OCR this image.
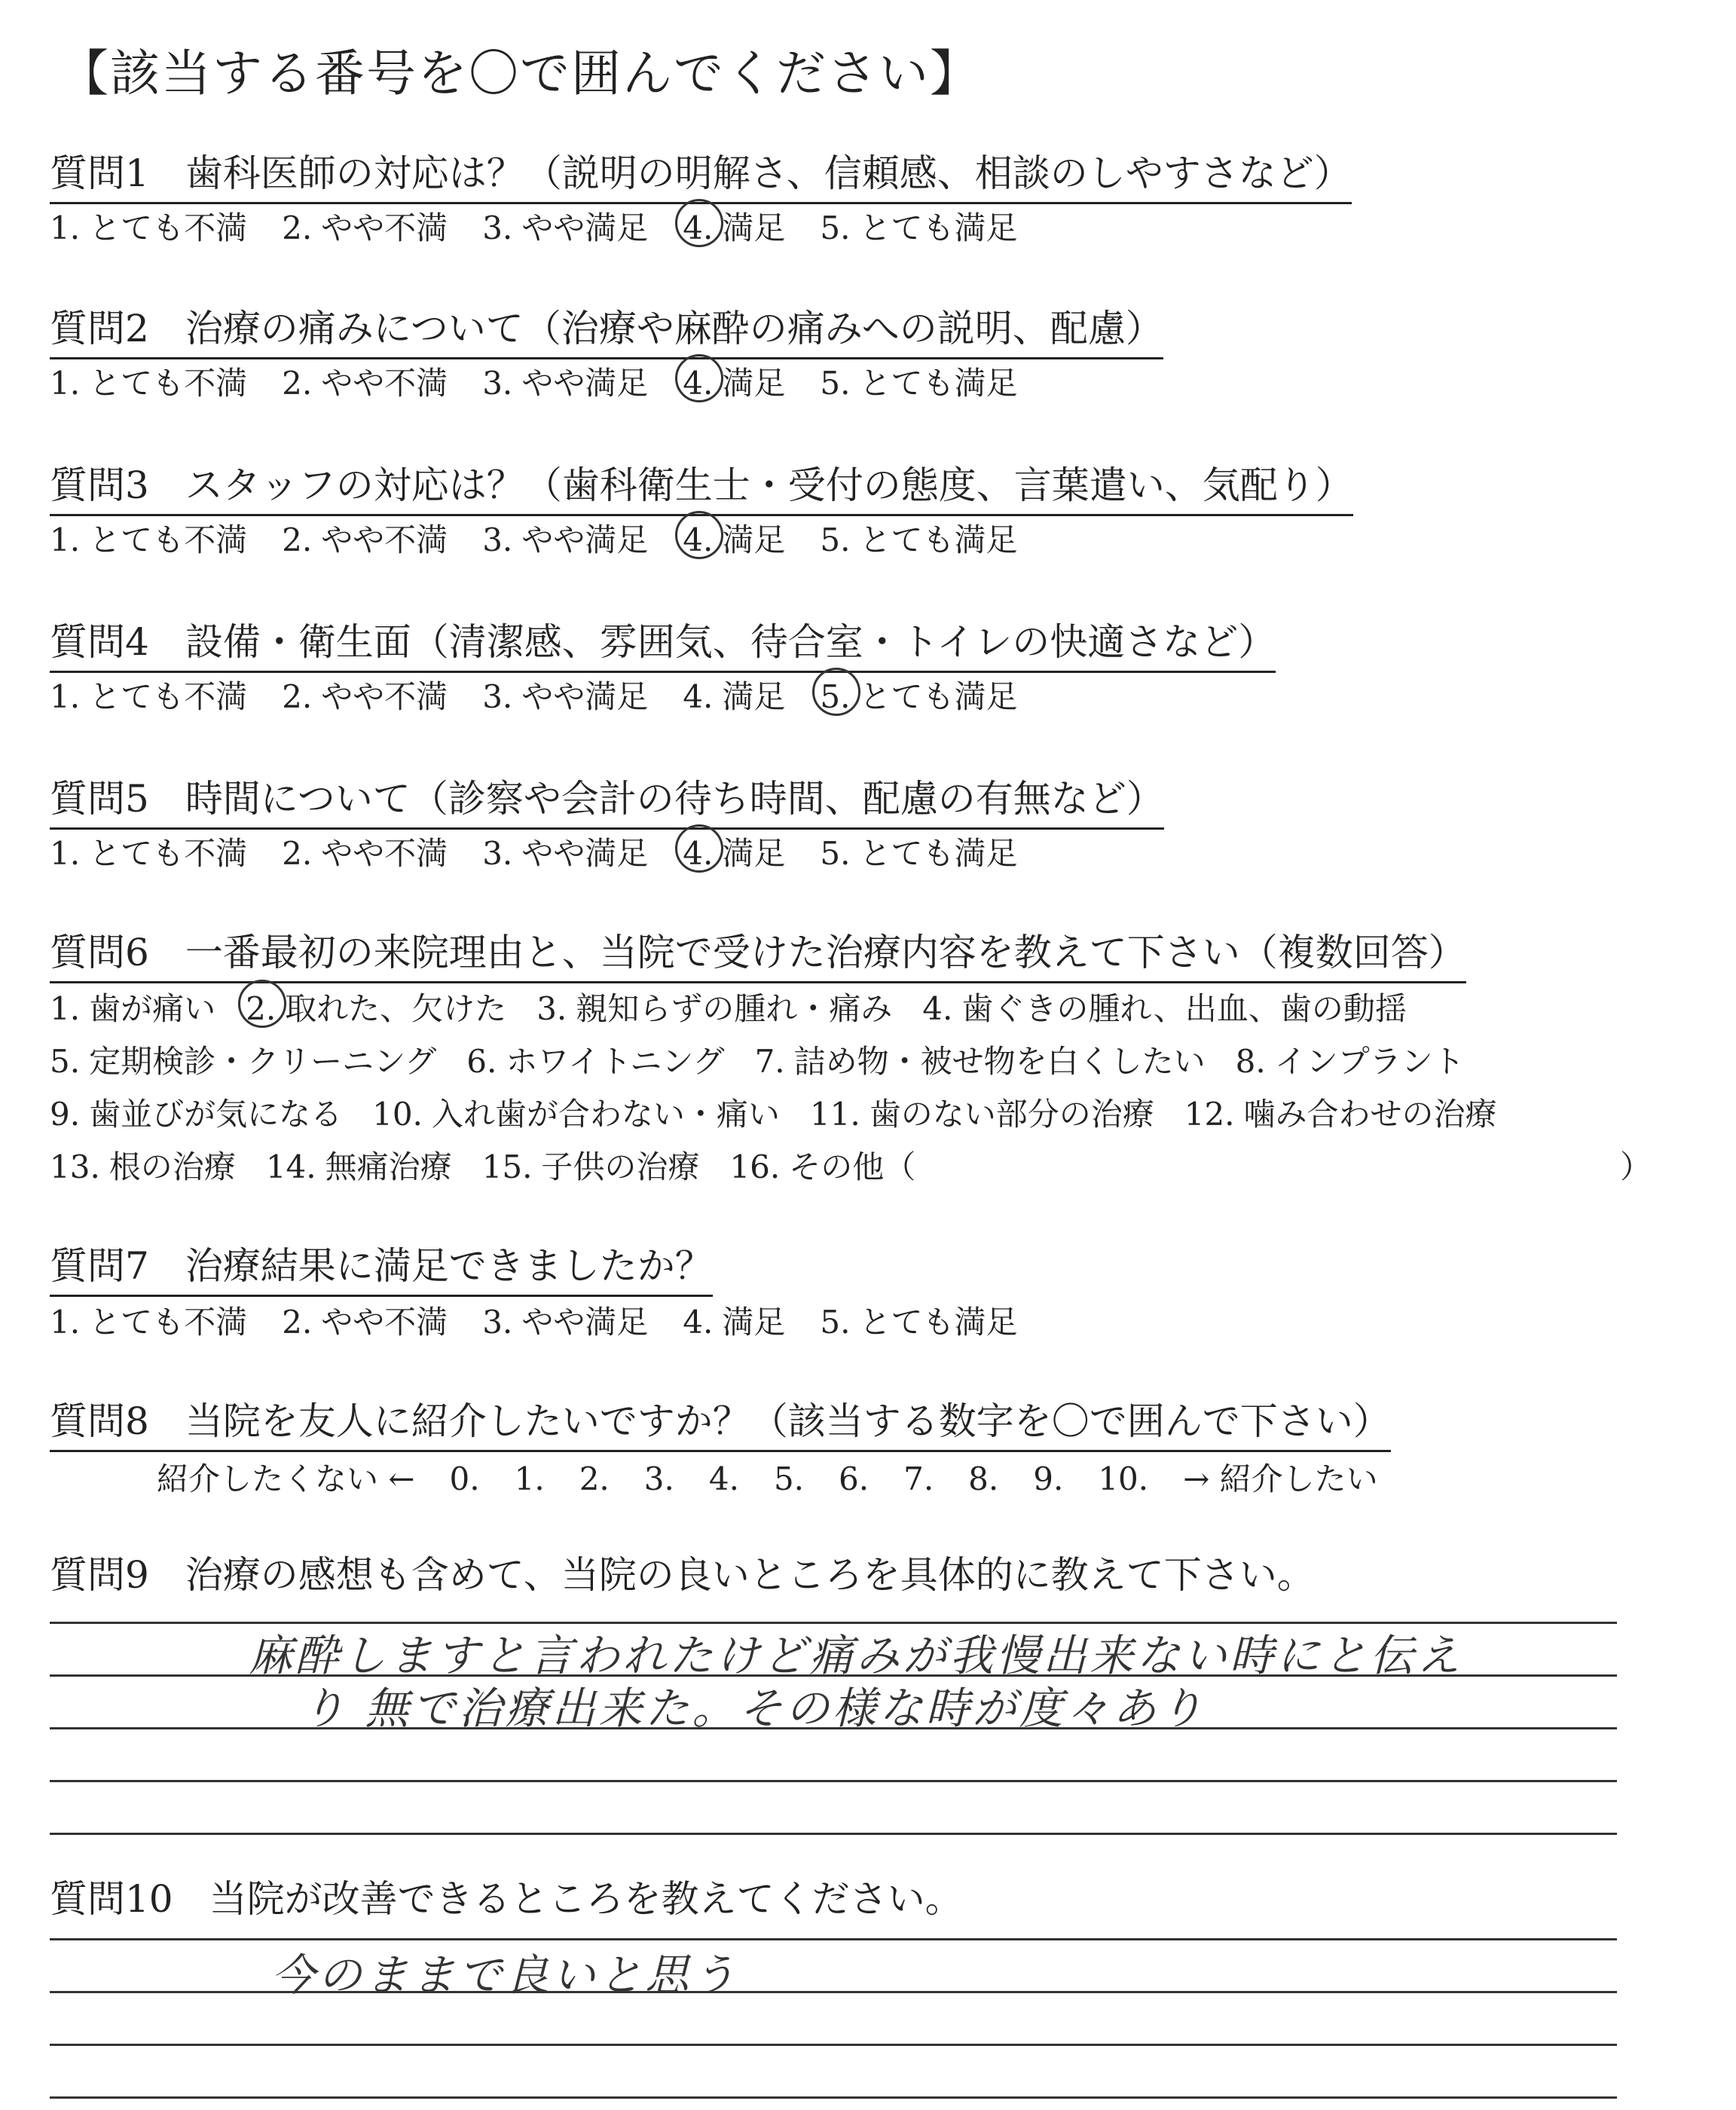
【該当する番号を〇で囲んでください】
質問1 歯科医師の対応は？（説明の明解さ、信頼感、相談のしやすさなど）
1. とても不満 2. やや不満 3. やや満足 4. 満足 5. とても満足
質問2 治療の痛みについて（治療や麻酔の痛みへの説明、配慮）
1. とても不満 2. やや不満 3. やや満足 4. 満足 5. とても満足
質問3 スタッフの対応は？（歯科衛生士・受付の態度、言葉遣い、気配り）
1. とても不満 2. やや不満 3. やや満足 4. 満足 5. とても満足
質問4 設備・衛生面（清潔感、雰囲気、待合室・トイレの快適さなど）
1. とても不満 2. やや不満 3. やや満足 4. 満足 5. とても満足
質問5 時間について（診察や会計の待ち時間、配慮の有無など）
1. とても不満 2. やや不満 3. やや満足 4. 満足 5. とても満足
質問6 一番最初の来院理由と、当院で受けた治療内容を教えて下さい（複数回答）
1. 歯が痛い 2. 取れた、欠けた 3. 親知らずの腫れ・痛み 4. 歯ぐきの腫れ、出血、歯の動揺
5. 定期検診・クリーニング 6. ホワイトニング 7. 詰め物・被せ物を白くしたい 8. インプラント
9. 歯並びが気になる 10. 入れ歯が合わない・痛い 11. 歯のない部分の治療 12. 噛み合わせの治療
13. 根の治療 14. 無痛治療 15. 子供の治療 16. その他（	）
質問7 治療結果に満足できましたか？
1. とても不満 2. やや不満 3. やや満足 4. 満足 5. とても満足
質問8 当院を友人に紹介したいですか？（該当する数字を〇で囲んで下さい）
紹介したくない ← 0. 1. 2. 3. 4. 5. 6. 7. 8. 9. 10. → 紹介したい
質問9 治療の感想も含めて、当院の良いところを具体的に教えて下さい。
麻酔しますと言われたけど痛みが我慢出来ない時にと伝え
り 無で治療出来た。その様な時が度々あり
質問10 当院が改善できるところを教えてください。
今のままで良いと思う
